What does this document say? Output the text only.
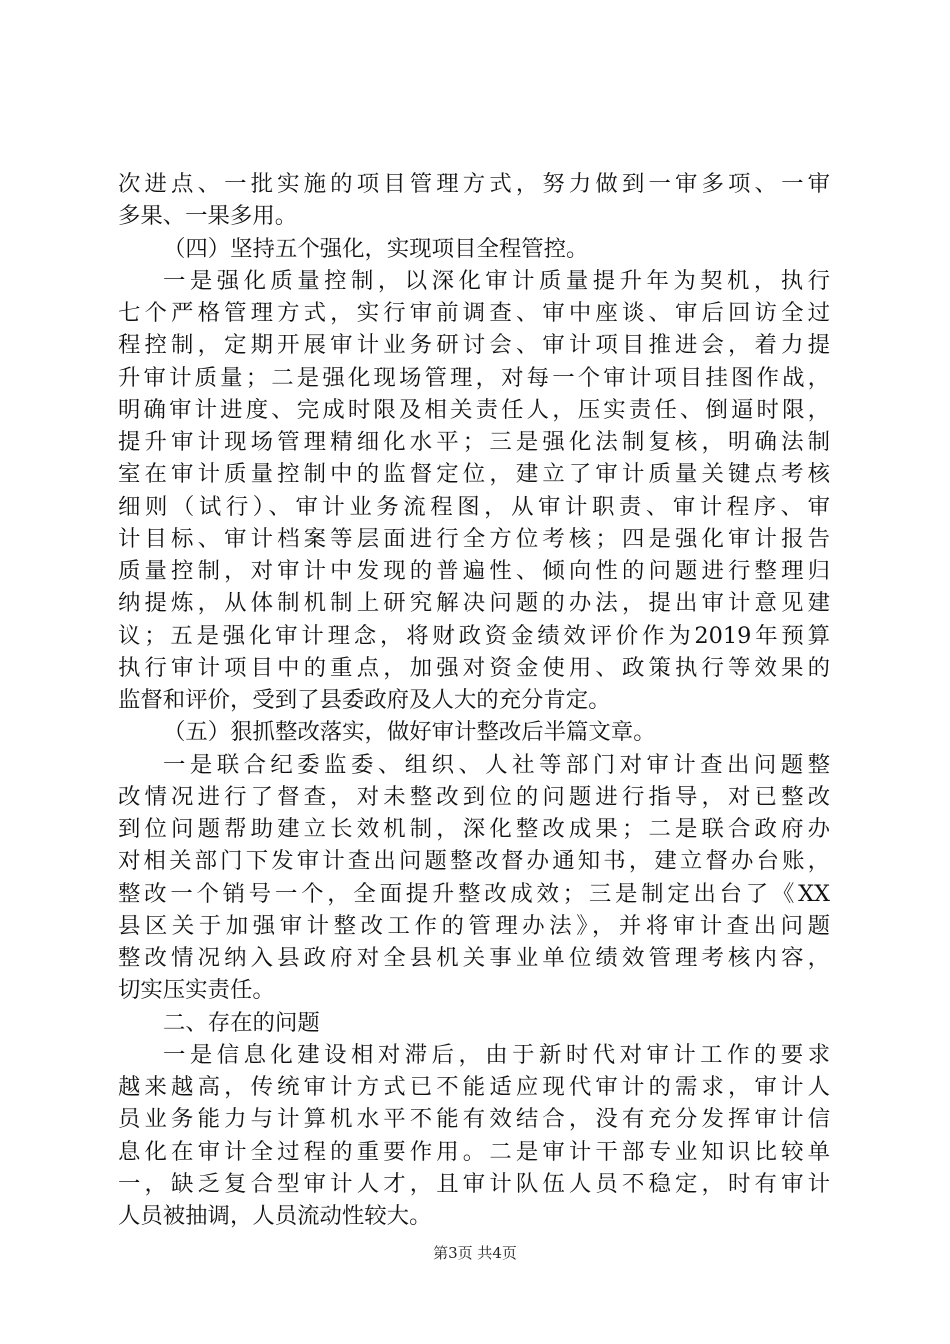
次进点、一批实施的项目管理方式，努力做到一审多项、一审
多果、一果多用。
（四）坚持五个强化，实现项目全程管控。
一是强化质量控制，以深化审计质量提升年为契机，执行
七个严格管理方式，实行审前调查、审中座谈、审后回访全过
程控制，定期开展审计业务研讨会、审计项目推进会，着力提
升审计质量；二是强化现场管理，对每一个审计项目挂图作战，
明确审计进度、完成时限及相关责任人，压实责任、倒逼时限，
提升审计现场管理精细化水平；三是强化法制复核，明确法制
室在审计质量控制中的监督定位，建立了审计质量关键点考核
细则（试行）、审计业务流程图，从审计职责、审计程序、审
计目标、审计档案等层面进行全方位考核；四是强化审计报告
质量控制，对审计中发现的普遍性、倾向性的问题进行整理归
纳提炼，从体制机制上研究解决问题的办法，提出审计意见建
议；五是强化审计理念，将财政资金绩效评价作为2019年预算
执行审计项目中的重点，加强对资金使用、政策执行等效果的
监督和评价，受到了县委政府及人大的充分肯定。
（五）狠抓整改落实，做好审计整改后半篇文章。
一是联合纪委监委、组织、人社等部门对审计查出问题整
改情况进行了督查，对未整改到位的问题进行指导，对已整改
到位问题帮助建立长效机制，深化整改成果；二是联合政府办
对相关部门下发审计查出问题整改督办通知书，建立督办台账，
整改一个销号一个，全面提升整改成效；三是制定出台了《XX
县区关于加强审计整改工作的管理办法》，并将审计查出问题
整改情况纳入县政府对全县机关事业单位绩效管理考核内容，
切实压实责任。
二、存在的问题
一是信息化建设相对滞后，由于新时代对审计工作的要求
越来越高，传统审计方式已不能适应现代审计的需求，审计人
员业务能力与计算机水平不能有效结合，没有充分发挥审计信
息化在审计全过程的重要作用。二是审计干部专业知识比较单
一，缺乏复合型审计人才，且审计队伍人员不稳定，时有审计
人员被抽调，人员流动性较大。
第3页 共4页
